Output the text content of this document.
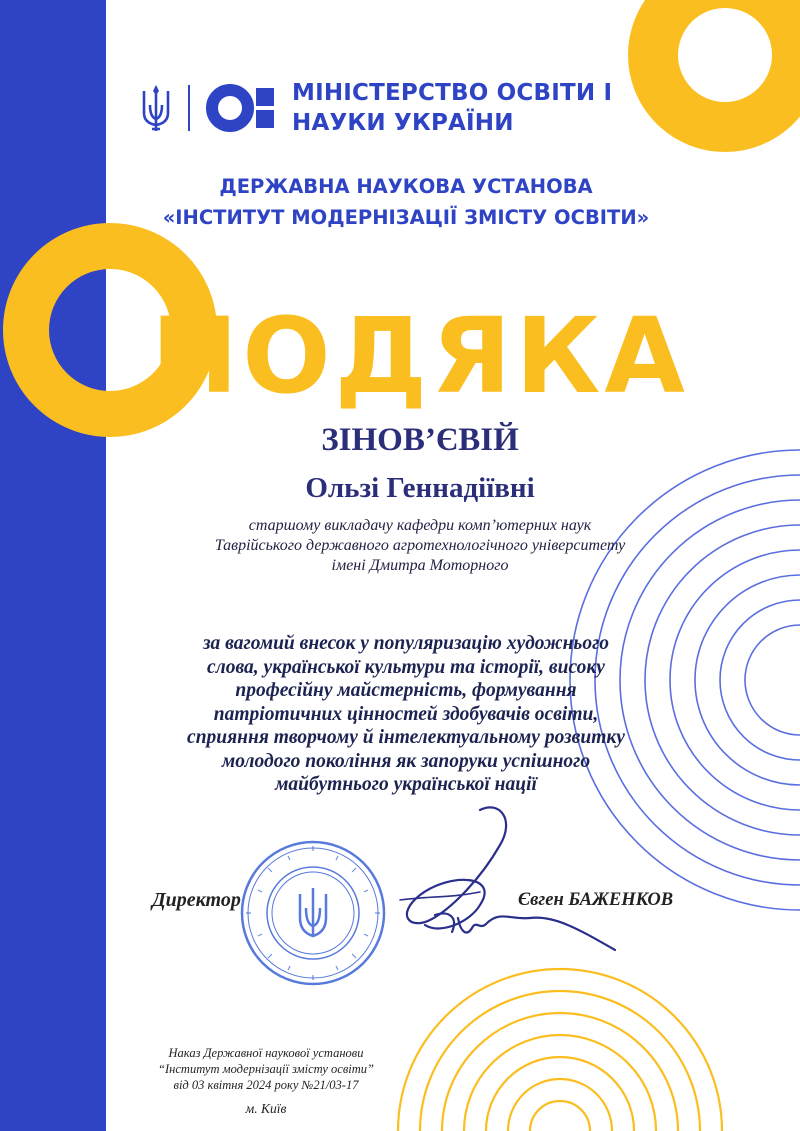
МІНІСТЕРСТВО ОСВІТИ І
НАУКИ УКРАЇНИ
ДЕРЖАВНА НАУКОВА УСТАНОВА
«ІНСТИТУТ МОДЕРНІЗАЦІЇ ЗМІСТУ ОСВІТИ»
ПОДЯКА
ЗІНОВ’ЄВІЙ
Ользі Геннадіївні
старшому викладачу кафедри комп’ютерних наук
Таврійського державного агротехнологічного університету
імені Дмитра Моторного
за вагомий внесок у популяризацію художнього
слова, української культури та історії, високу
професійну майстерність, формування
патріотичних цінностей здобувачів освіти,
сприяння творчому й інтелектуальному розвитку
молодого покоління як запоруки успішного
майбутнього української нації
Директор	Євген БАЖЕНКОВ
Наказ Державної наукової установи
“Інститут модернізації змісту освіти”
від 03 квітня 2024 року №21/03-17
м. Київ
